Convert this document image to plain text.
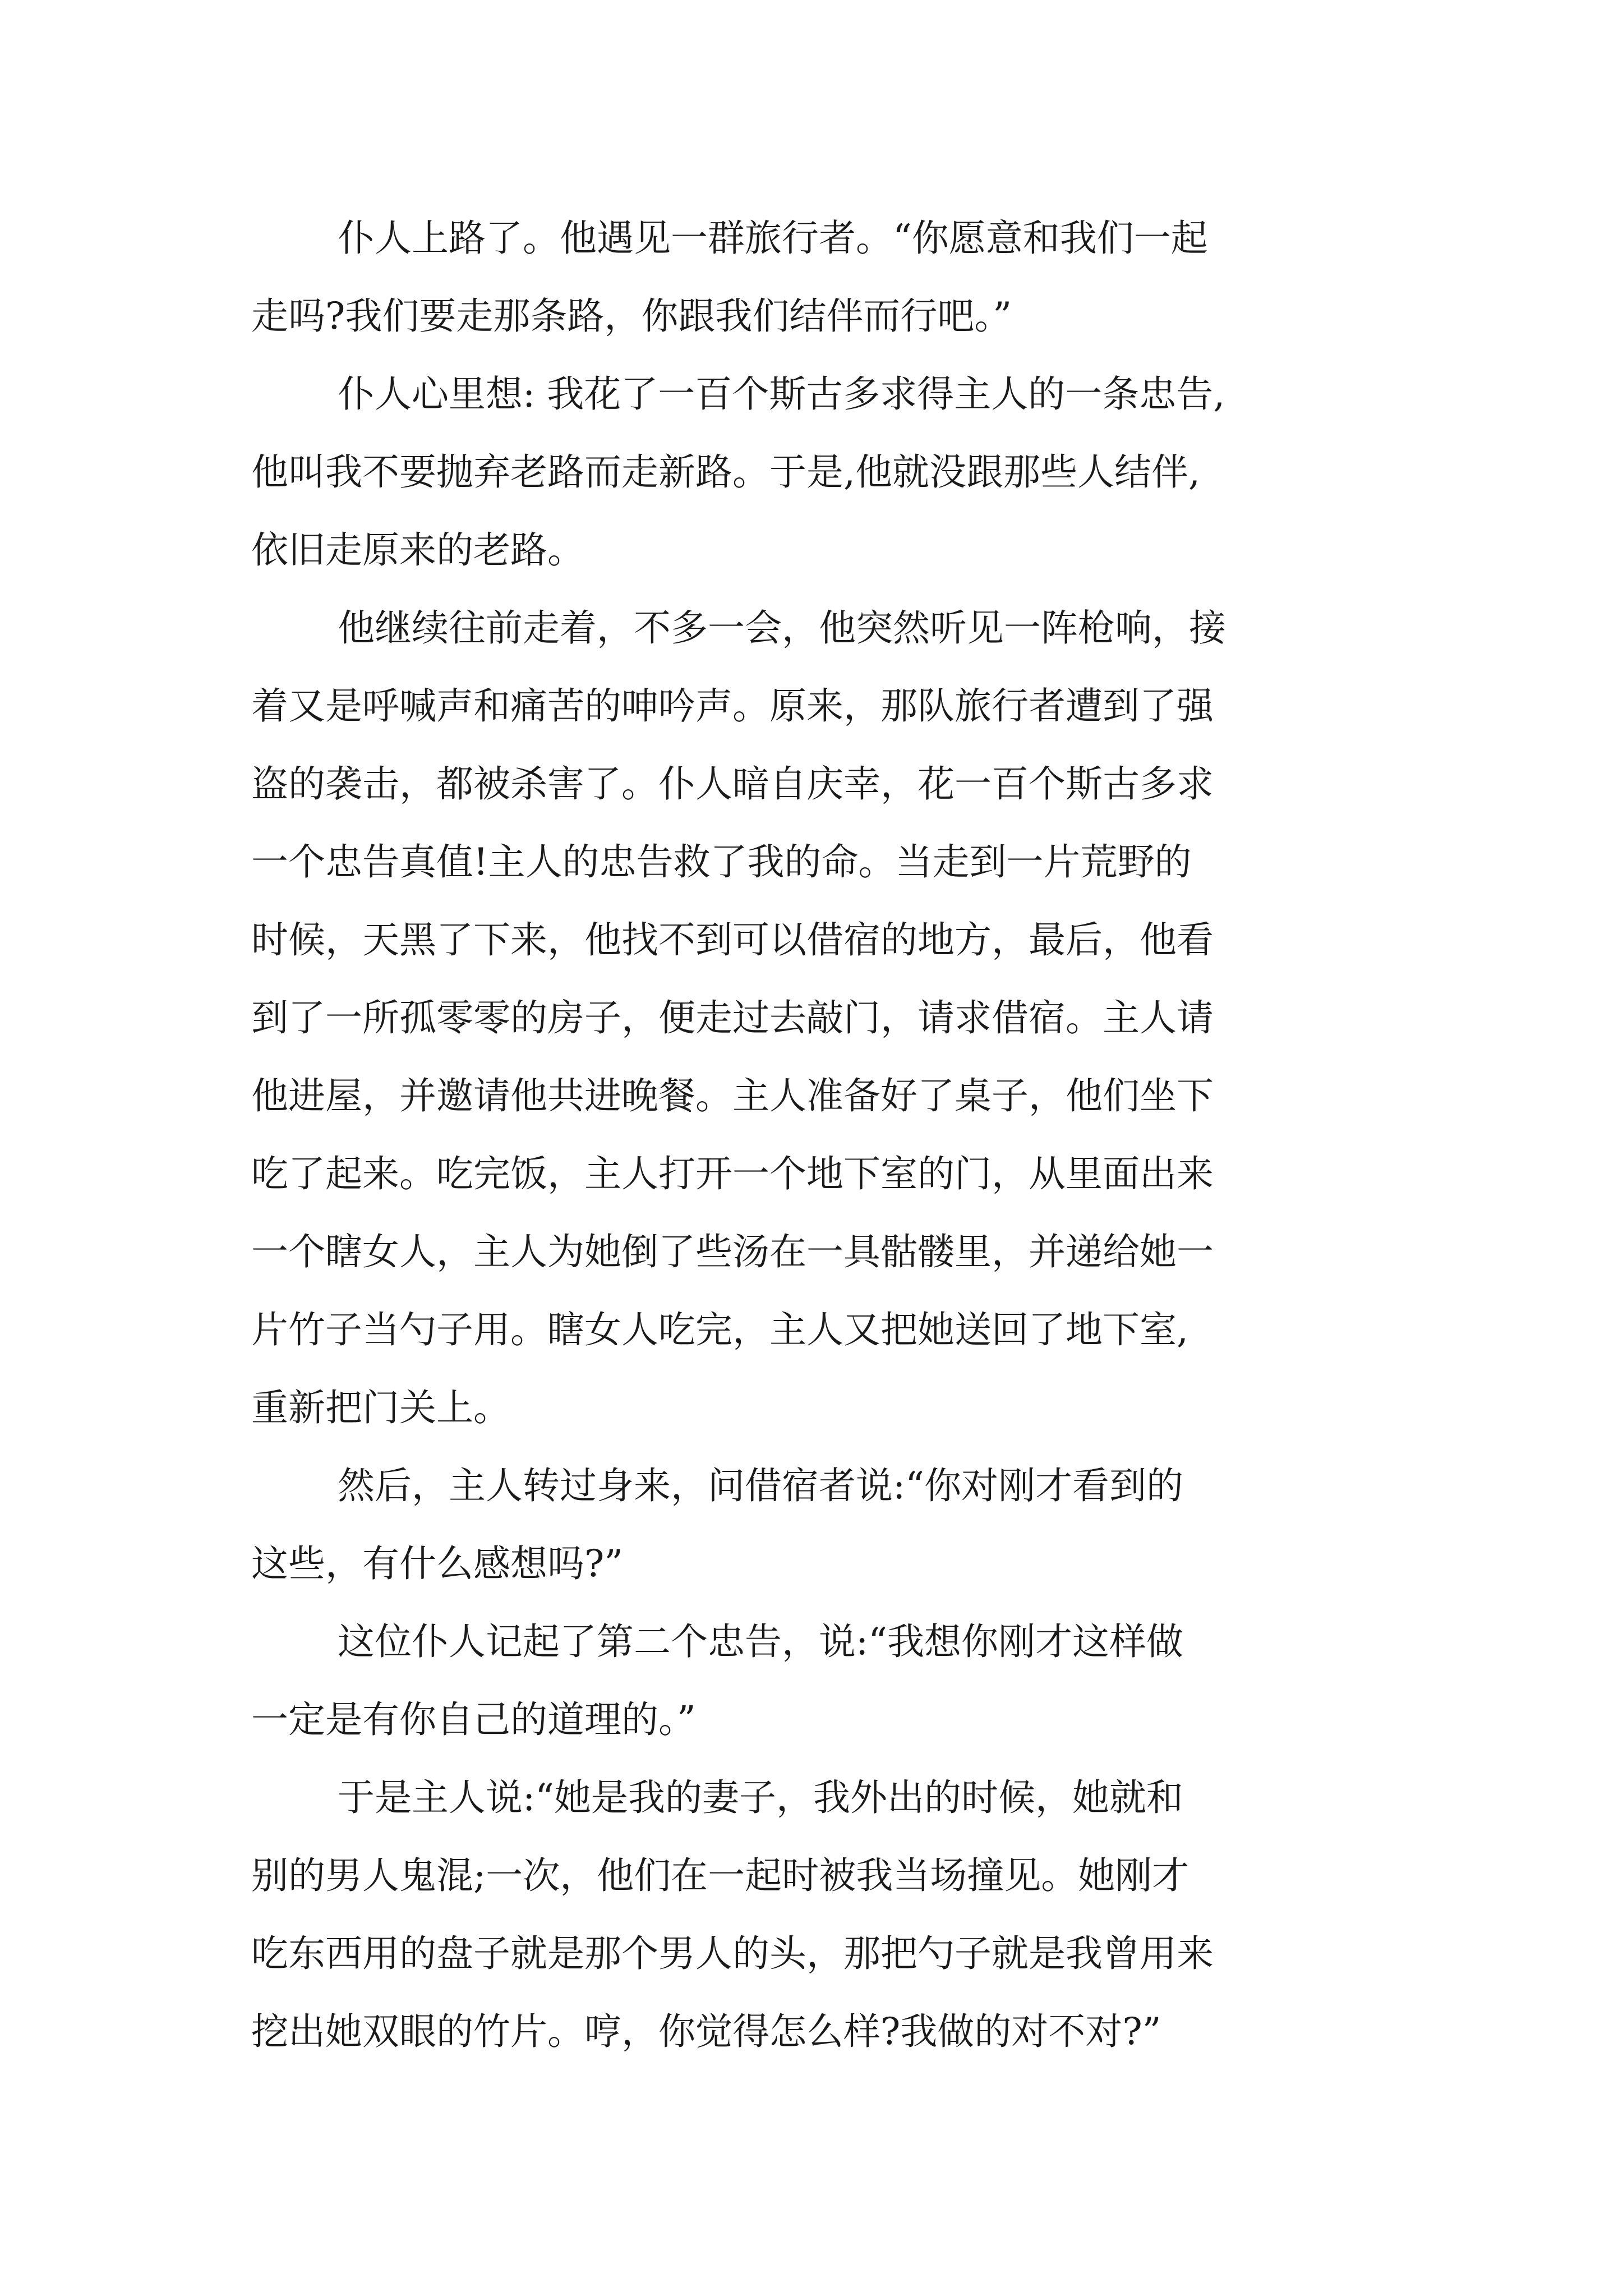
仆人上路了。他遇见一群旅行者。“你愿意和我们一起
走吗?我们要走那条路，你跟我们结伴而行吧。”
仆人心里想: 我花了一百个斯古多求得主人的一条忠告,
他叫我不要抛弃老路而走新路。于是,他就没跟那些人结伴,
依旧走原来的老路。
他继续往前走着，不多一会，他突然听见一阵枪响，接
着又是呼喊声和痛苦的呻吟声。原来，那队旅行者遭到了强
盗的袭击，都被杀害了。仆人暗自庆幸，花一百个斯古多求
一个忠告真值!主人的忠告救了我的命。当走到一片荒野的
时候，天黑了下来，他找不到可以借宿的地方，最后，他看
到了一所孤零零的房子，便走过去敲门，请求借宿。主人请
他进屋，并邀请他共进晚餐。主人准备好了桌子，他们坐下
吃了起来。吃完饭，主人打开一个地下室的门，从里面出来
一个瞎女人，主人为她倒了些汤在一具骷髅里，并递给她一
片竹子当勺子用。瞎女人吃完，主人又把她送回了地下室,
重新把门关上。
然后，主人转过身来，问借宿者说:“你对刚才看到的
这些，有什么感想吗?”
这位仆人记起了第二个忠告，说:“我想你刚才这样做
一定是有你自己的道理的。”
于是主人说:“她是我的妻子，我外出的时候，她就和
别的男人鬼混;一次，他们在一起时被我当场撞见。她刚才
吃东西用的盘子就是那个男人的头，那把勺子就是我曾用来
挖出她双眼的竹片。哼，你觉得怎么样?我做的对不对?”
